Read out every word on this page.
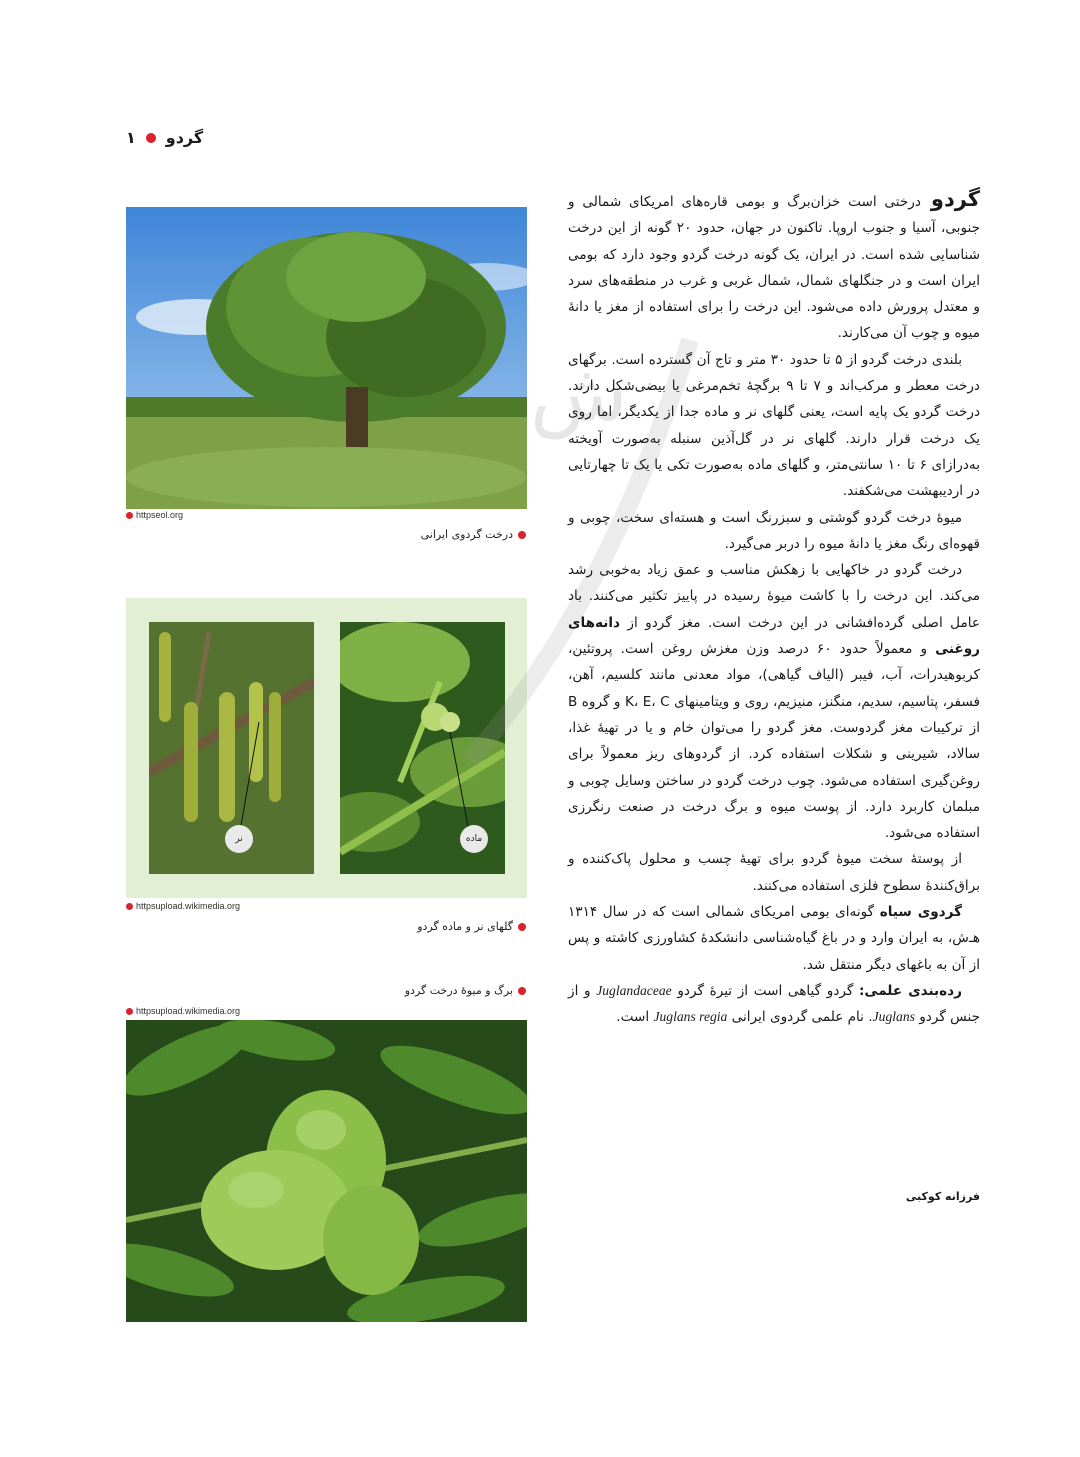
گردو
۱
httpseol.org
درخت گردوی ایرانی
نر	ماده
httpsupload.wikimedia.org
گلهای نر و ماده گردو
برگ و میوهٔ درخت گردو
httpsupload.wikimedia.org
ش

گردودرختی است خزان‌برگ و بومی قاره‌های امریکای شمالی و جنوبی، آسیا و جنوب اروپا. تاکنون در جهان، حدود ۲۰ گونه از این درخت شناسایی شده است. در ایران، یک گونه درخت گردو وجود دارد که بومی ایران است و در جنگلهای شمال، شمال غربی و غرب در منطقه‌های سرد و معتدل پرورش داده می‌شود. این درخت را برای استفاده از مغز یا دانهٔ میوه و چوب آن می‌کارند.

بلندی درخت گردو از ۵ تا حدود ۳۰ متر و تاج آن گسترده است. برگهای درخت معطر و مرکب‌اند و ۷ تا ۹ برگچهٔ تخم‌مرغی یا بیضی‌شکل دارند. درخت گردو یک پایه است، یعنی گلهای نر و ماده جدا از یکدیگر، اما روی یک درخت قرار دارند. گلهای نر در گل‌آذین سنبله به‌صورت آویخته به‌درازای ۶ تا ۱۰ سانتی‌متر، و گلهای ماده به‌صورت تکی یا یک تا چهارتایی در اردیبهشت می‌شکفند.

میوهٔ درخت گردو گوشتی و سبزرنگ است و هسته‌ای سخت، چوبی و قهوه‌ای رنگ مغز یا دانهٔ میوه را دربر می‌گیرد.

درخت گردو در خاکهایی با زهکش مناسب و عمق زیاد به‌خوبی رشد می‌کند. این درخت را با کاشت میوهٔ رسیده در پاییز تکثیر می‌کنند. باد عامل اصلی گرده‌افشانی در این درخت است. مغز گردو از دانه‌های روغنی و معمولاً حدود ۶۰ درصد وزن مغزش روغن است. پروتئین، کربوهیدرات، آب، فیبر (الیاف گیاهی)، مواد معدنی مانند کلسیم، آهن، فسفر، پتاسیم، سدیم، منگنز، منیزیم، روی و ویتامینهای K، E، C و گروه B از ترکیبات مغز گردوست. مغز گردو را می‌توان خام و یا در تهیهٔ غذا، سالاد، شیرینی و شکلات استفاده کرد. از گردوهای ریز معمولاً برای روغن‌گیری استفاده می‌شود. چوب درخت گردو در ساختن وسایل چوبی و مبلمان کاربرد دارد. از پوست میوه و برگ درخت در صنعت رنگرزی استفاده می‌شود.

از پوستهٔ سخت میوهٔ گردو برای تهیهٔ چسب و محلول پاک‌کننده و براق‌کنندهٔ سطوح فلزی استفاده می‌کنند.

گردوی سیاه گونه‌ای بومی امریکای شمالی است که در سال ۱۳۱۴ هـ‌ش، به ایران وارد و در باغ گیاه‌شناسی دانشکدهٔ کشاورزی کاشته و پس از آن به باغهای دیگر منتقل شد.

رده‌بندی علمی: گردو گیاهی است از تیرهٔ گردو Juglandaceae و از جنس گردو Juglans. نام علمی گردوی ایرانی Juglans regia است.

فرزانه کوکبی
